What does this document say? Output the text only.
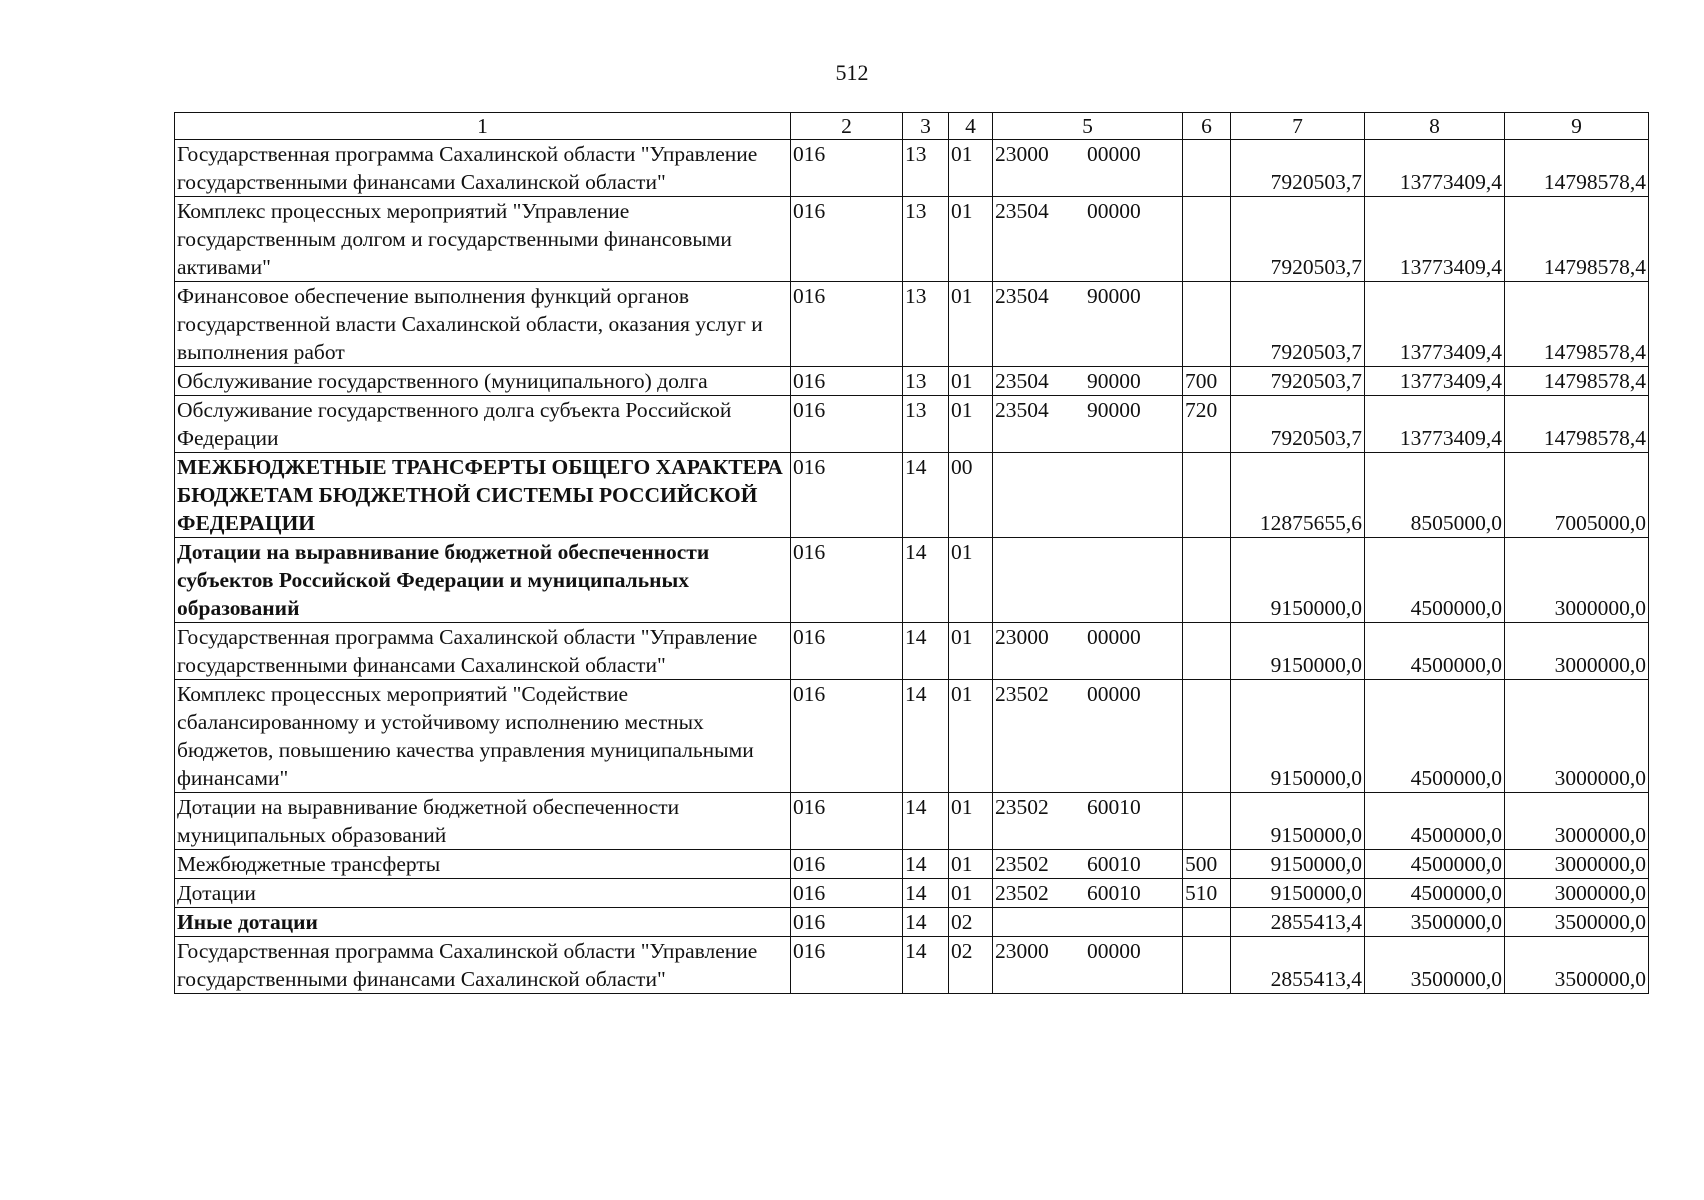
512
1	2	3	4	5	6	7	8	9
Государственная программа Сахалинской области "Управление государственными финансами Сахалинской области"	016	13	01	23000 00000		7920503,7	13773409,4	14798578,4
Комплекс процессных мероприятий "Управление государственным долгом и государственными финансовыми активами"	016	13	01	23504 00000		7920503,7	13773409,4	14798578,4
Финансовое обеспечение выполнения функций органов государственной власти Сахалинской области, оказания услуг и выполнения работ	016	13	01	23504 90000		7920503,7	13773409,4	14798578,4
Обслуживание государственного (муниципального) долга	016	13	01	23504 90000	700	7920503,7	13773409,4	14798578,4
Обслуживание государственного долга субъекта Российской Федерации	016	13	01	23504 90000	720	7920503,7	13773409,4	14798578,4
МЕЖБЮДЖЕТНЫЕ ТРАНСФЕРТЫ ОБЩЕГО ХАРАКТЕРА БЮДЖЕТАМ БЮДЖЕТНОЙ СИСТЕМЫ РОССИЙСКОЙ ФЕДЕРАЦИИ	016	14	00			12875655,6	8505000,0	7005000,0
Дотации на выравнивание бюджетной обеспеченности субъектов Российской Федерации и муниципальных образований	016	14	01			9150000,0	4500000,0	3000000,0
Государственная программа Сахалинской области "Управление государственными финансами Сахалинской области"	016	14	01	23000 00000		9150000,0	4500000,0	3000000,0
Комплекс процессных мероприятий "Содействие сбалансированному и устойчивому исполнению местных бюджетов, повышению качества управления муниципальными финансами"	016	14	01	23502 00000		9150000,0	4500000,0	3000000,0
Дотации на выравнивание бюджетной обеспеченности муниципальных образований	016	14	01	23502 60010		9150000,0	4500000,0	3000000,0
Межбюджетные трансферты	016	14	01	23502 60010	500	9150000,0	4500000,0	3000000,0
Дотации	016	14	01	23502 60010	510	9150000,0	4500000,0	3000000,0
Иные дотации	016	14	02			2855413,4	3500000,0	3500000,0
Государственная программа Сахалинской области "Управление государственными финансами Сахалинской области"	016	14	02	23000 00000		2855413,4	3500000,0	3500000,0
